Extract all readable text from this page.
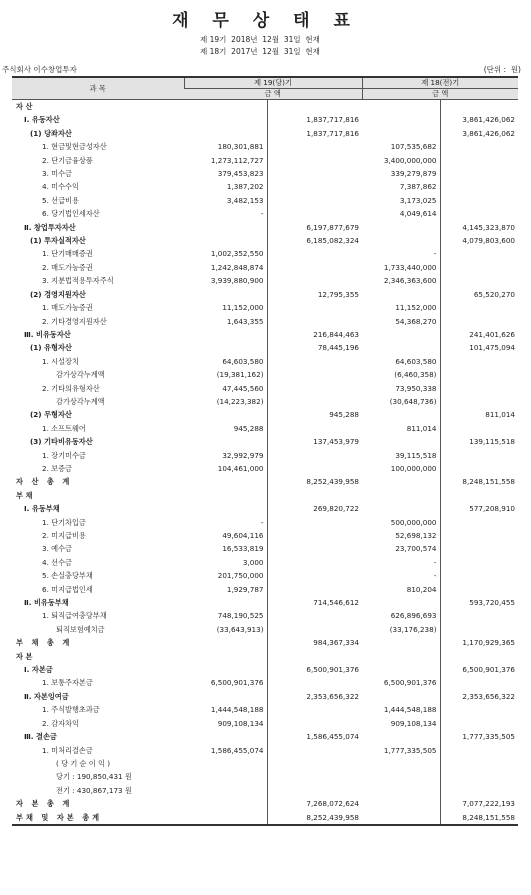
재 무 상 태 표
제 19기  2018년  12월  31일  현재
제 18기  2017년  12월  31일  현재
주식회사 이수창업투자	(단위 :  원)
과 목	제 19(당)기		제 18(전)기	
	금 액		금 액	
자 산				
Ⅰ. 유동자산		1,837,717,816		3,861,426,062
(1) 당좌자산		1,837,717,816		3,861,426,062
1. 현금및현금성자산	180,301,881		107,535,682	
2. 단기금융상품	1,273,112,727		3,400,000,000	
3. 미수금	379,453,823		339,279,879	
4. 미수수익	1,387,202		7,387,862	
5. 선급비용	3,482,153		3,173,025	
6. 당기법인세자산	-		4,049,614	
Ⅱ. 창업투자자산		6,197,877,679		4,145,323,870
(1) 투자실적자산		6,185,082,324		4,079,803,600
1. 단기매매증권	1,002,352,550		-	
2. 매도가능증권	1,242,848,874		1,733,440,000	
3. 지분법적용투자주식	3,939,880,900		2,346,363,600	
(2) 경영지원자산		12,795,355		65,520,270
1. 매도가능증권	11,152,000		11,152,000	
2. 기타경영지원자산	1,643,355		54,368,270	
Ⅲ. 비유동자산		216,844,463		241,401,626
(1) 유형자산		78,445,196		101,475,094
1. 시설장치	64,603,580		64,603,580	
감가상각누계액	(19,381,162)		(6,460,358)	
2. 기타의유형자산	47,445,560		73,950,338	
감가상각누계액	(14,223,382)		(30,648,736)	
(2) 무형자산		945,288		811,014
1. 소프트웨어	945,288		811,014	
(3) 기타비유동자산		137,453,979		139,115,518
1. 장기미수금	32,992,979		39,115,518	
2. 보증금	104,461,000		100,000,000	
자 산 총 계		8,252,439,958		8,248,151,558
부 채				
Ⅰ. 유동부채		269,820,722		577,208,910
1. 단기차입금	-		500,000,000	
2. 미지급비용	49,604,116		52,698,132	
3. 예수금	16,533,819		23,700,574	
4. 선수금	3,000		-	
5. 손실충당부채	201,750,000		-	
6. 미지급법인세	1,929,787		810,204	
Ⅱ. 비유동부채		714,546,612		593,720,455
1. 퇴직급여충당부채	748,190,525		626,896,693	
퇴직보험예치금	(33,643,913)		(33,176,238)	
부 채 총 계		984,367,334		1,170,929,365
자 본				
Ⅰ. 자본금		6,500,901,376		6,500,901,376
1. 보통주자본금	6,500,901,376		6,500,901,376	
Ⅱ. 자본잉여금		2,353,656,322		2,353,656,322
1. 주식발행초과금	1,444,548,188		1,444,548,188	
2. 감자차익	909,108,134		909,108,134	
Ⅲ. 결손금		1,586,455,074		1,777,335,505
1. 미처리결손금	1,586,455,074		1,777,335,505	
( 당 기 순 이 익 )				
당기 : 190,850,431 원				
전기 : 430,867,173 원				
자 본 총 계		7,268,072,624		7,077,222,193
부채 및 자본 총계		8,252,439,958		8,248,151,558
